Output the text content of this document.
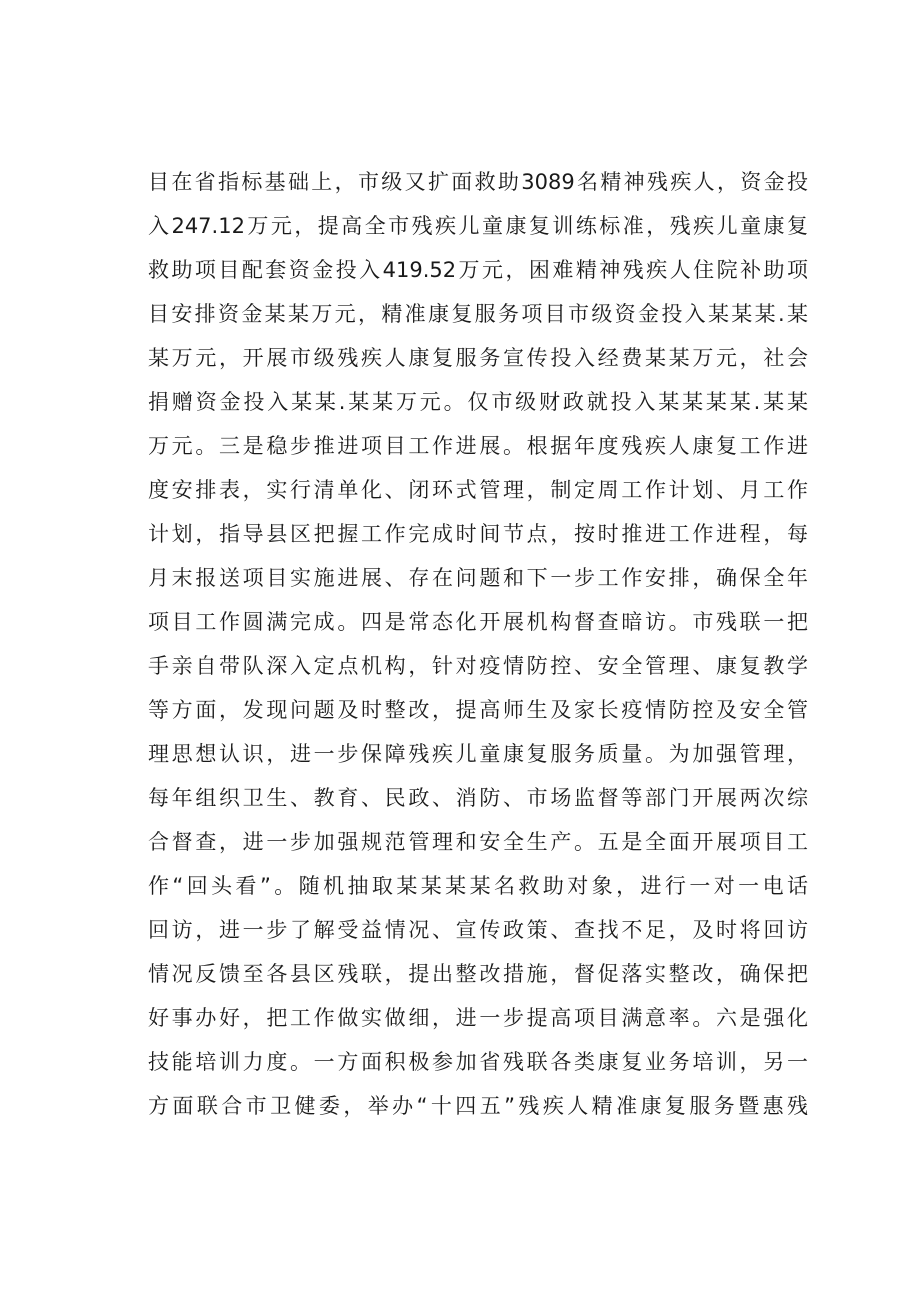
目在省指标基础上，市级又扩面救助3089名精神残疾人，资金投
入247.12万元，提高全市残疾儿童康复训练标准，残疾儿童康复
救助项目配套资金投入419.52万元，困难精神残疾人住院补助项
目安排资金某某万元，精准康复服务项目市级资金投入某某某.某
某万元，开展市级残疾人康复服务宣传投入经费某某万元，社会
捐赠资金投入某某.某某万元。仅市级财政就投入某某某某.某某
万元。三是稳步推进项目工作进展。根据年度残疾人康复工作进
度安排表，实行清单化、闭环式管理，制定周工作计划、月工作
计划，指导县区把握工作完成时间节点，按时推进工作进程，每
月末报送项目实施进展、存在问题和下一步工作安排，确保全年
项目工作圆满完成。四是常态化开展机构督查暗访。市残联一把
手亲自带队深入定点机构，针对疫情防控、安全管理、康复教学
等方面，发现问题及时整改，提高师生及家长疫情防控及安全管
理思想认识，进一步保障残疾儿童康复服务质量。为加强管理，
每年组织卫生、教育、民政、消防、市场监督等部门开展两次综
合督查，进一步加强规范管理和安全生产。五是全面开展项目工
作“回头看”。随机抽取某某某某名救助对象，进行一对一电话
回访，进一步了解受益情况、宣传政策、查找不足，及时将回访
情况反馈至各县区残联，提出整改措施，督促落实整改，确保把
好事办好，把工作做实做细，进一步提高项目满意率。六是强化
技能培训力度。一方面积极参加省残联各类康复业务培训，另一
方面联合市卫健委，举办“十四五”残疾人精准康复服务暨惠残
